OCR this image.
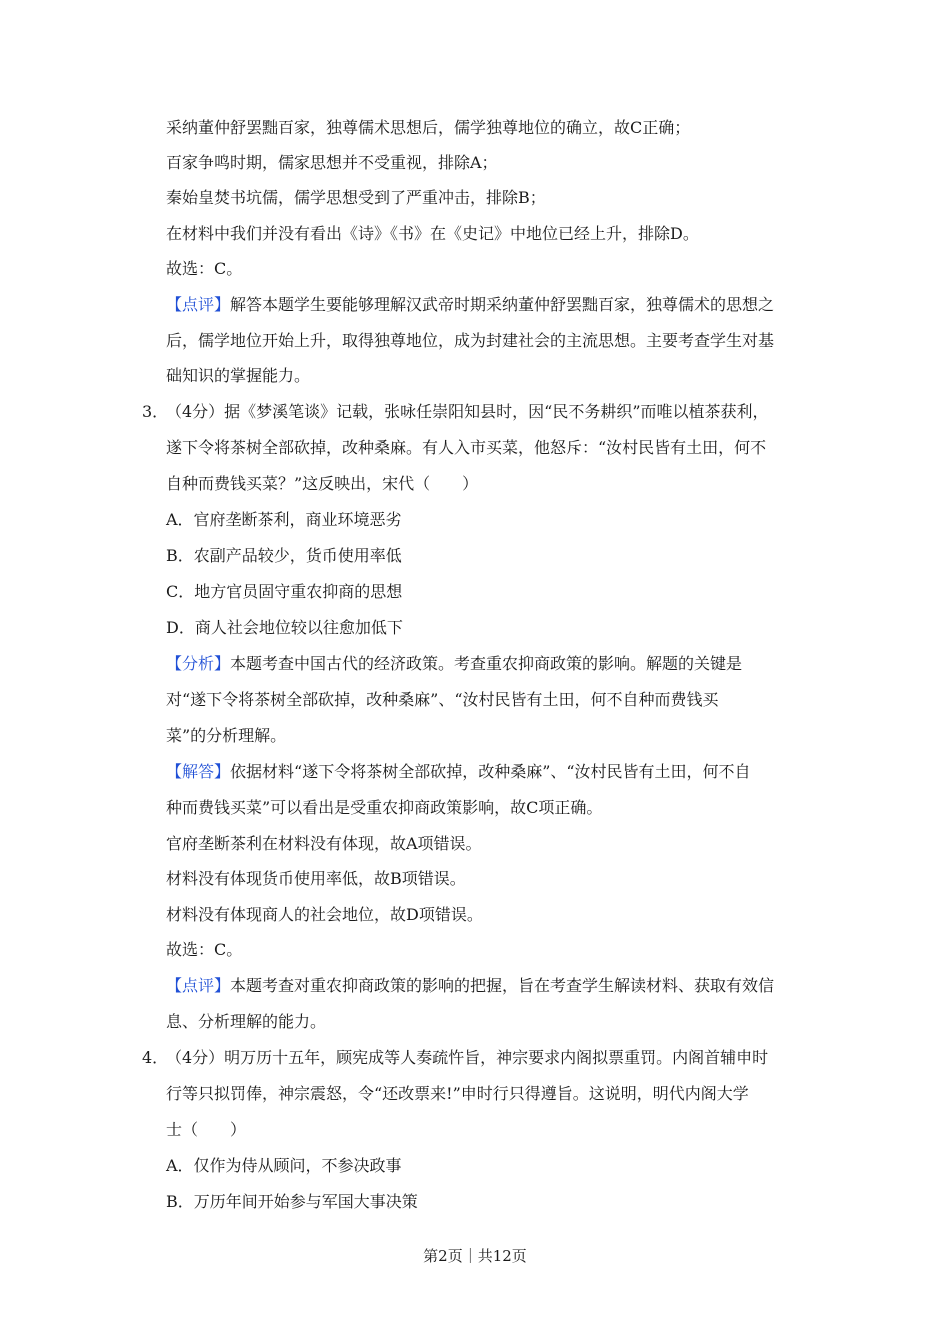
采纳董仲舒罢黜百家，独尊儒术思想后，儒学独尊地位的确立，故C正确；
百家争鸣时期，儒家思想并不受重视，排除A；
秦始皇焚书坑儒，儒学思想受到了严重冲击，排除B；
在材料中我们并没有看出《诗》《书》在《史记》中地位已经上升，排除D。
故选：C。
【点评】解答本题学生要能够理解汉武帝时期采纳董仲舒罢黜百家，独尊儒术的思想之
后，儒学地位开始上升，取得独尊地位，成为封建社会的主流思想。主要考查学生对基
础知识的掌握能力。
3．
（4分）据《梦溪笔谈》记载，张咏任崇阳知县时，因“民不务耕织”而唯以植茶获利，
遂下令将茶树全部砍掉，改种桑麻。有人入市买菜，他怒斥：“汝村民皆有土田，何不
自种而费钱买菜？”这反映出，宋代（　　）
A．官府垄断茶利，商业环境恶劣
B．农副产品较少，货币使用率低
C．地方官员固守重农抑商的思想
D．商人社会地位较以往愈加低下
【分析】本题考查中国古代的经济政策。考查重农抑商政策的影响。解题的关键是
对“遂下令将茶树全部砍掉，改种桑麻”、“汝村民皆有土田，何不自种而费钱买
菜”的分析理解。
【解答】依据材料“遂下令将茶树全部砍掉，改种桑麻”、“汝村民皆有土田，何不自
种而费钱买菜”可以看出是受重农抑商政策影响，故C项正确。
官府垄断茶利在材料没有体现，故A项错误。
材料没有体现货币使用率低，故B项错误。
材料没有体现商人的社会地位，故D项错误。
故选：C。
【点评】本题考查对重农抑商政策的影响的把握，旨在考查学生解读材料、获取有效信
息、分析理解的能力。
4．
（4分）明万历十五年，顾宪成等人奏疏忤旨，神宗要求内阁拟票重罚。内阁首辅申时
行等只拟罚俸，神宗震怒，令“还改票来!”申时行只得遵旨。这说明，明代内阁大学
士（　　）
A．仅作为侍从顾问，不参决政事
B．万历年间开始参与军国大事决策
第2页｜共12页
